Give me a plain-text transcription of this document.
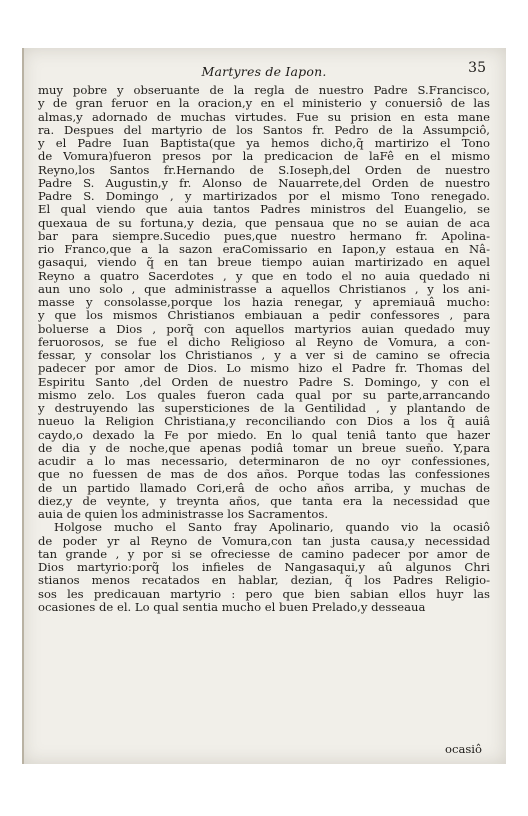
Martyres de Iapon.	35
muy pobre y obseruante de la regla de nuestro Padre S.Francisco,
y de gran feruor en la oracion,y en el ministerio y conuersiô de las
almas,y adornado de muchas virtudes. Fue su prision en esta mane
ra. Despues del martyrio de los Santos fr. Pedro de la Assumpciô,
y el Padre Iuan Baptista(que ya hemos dicho,q̃ martirizo el Tono
de Vomura)fueron presos por la predicacion de laFê en el mismo
Reyno,los Santos fr.Hernando de S.Ioseph,del Orden de nuestro
Padre S. Augustin,y fr. Alonso de Nauarrete,del Orden de nuestro
Padre S. Domingo , y martirizados por el mismo Tono renegado.
El qual viendo que auia tantos Padres ministros del Euangelio, se
quexaua de su fortuna,y dezia, que pensaua que no se auian de aca
bar para siempre.Sucedio pues,que nuestro hermano fr. Apolina-
rio Franco,que a la sazon eraComissario en Iapon,y estaua en Nâ-
gasaqui, viendo q̃ en tan breue tiempo auian martirizado en aquel
Reyno a quatro Sacerdotes , y que en todo el no auia quedado ni
aun uno solo , que administrasse a aquellos Christianos , y los ani-
masse y consolasse,porque los hazia renegar, y apremiauâ mucho:
y que los mismos Christianos embiauan a pedir confessores , para
boluerse a Dios , porq̃ con aquellos martyrios auian quedado muy
feruorosos, se fue el dicho Religioso al Reyno de Vomura, a con-
fessar, y consolar los Christianos , y a ver si de camino se ofrecia
padecer por amor de Dios. Lo mismo hizo el Padre fr. Thomas del
Espiritu Santo ,del Orden de nuestro Padre S. Domingo, y con el
mismo zelo. Los quales fueron cada qual por su parte,arrancando
y destruyendo las supersticiones de la Gentilidad , y plantando de
nueuo la Religion Christiana,y reconciliando con Dios a los q̃ auiâ
caydo,o dexado la Fe por miedo. En lo qual teniâ tanto que hazer
de dia y de noche,que apenas podiâ tomar un breue sueño. Y,para
acudir a lo mas necessario, determinaron de no oyr confessiones,
que no fuessen de mas de dos años. Porque todas las confessiones
de un partido llamado Cori,erâ de ocho años arriba, y muchas de
diez,y de veynte, y treynta años, que tanta era la necessidad que
auia de quien los administrasse los Sacramentos.
Holgose mucho el Santo fray Apolinario, quando vio la ocasiô
de poder yr al Reyno de Vomura,con tan justa causa,y necessidad
tan grande , y por si se ofreciesse de camino padecer por amor de
Dios martyrio:porq̃ los infieles de Nangasaqui,y aû algunos Chri
stianos menos recatados en hablar, dezian, q̃ los Padres Religio-
sos les predicauan martyrio : pero que bien sabian ellos huyr las
ocasiones de el. Lo qual sentia mucho el buen Prelado,y desseaua
ocasiô
